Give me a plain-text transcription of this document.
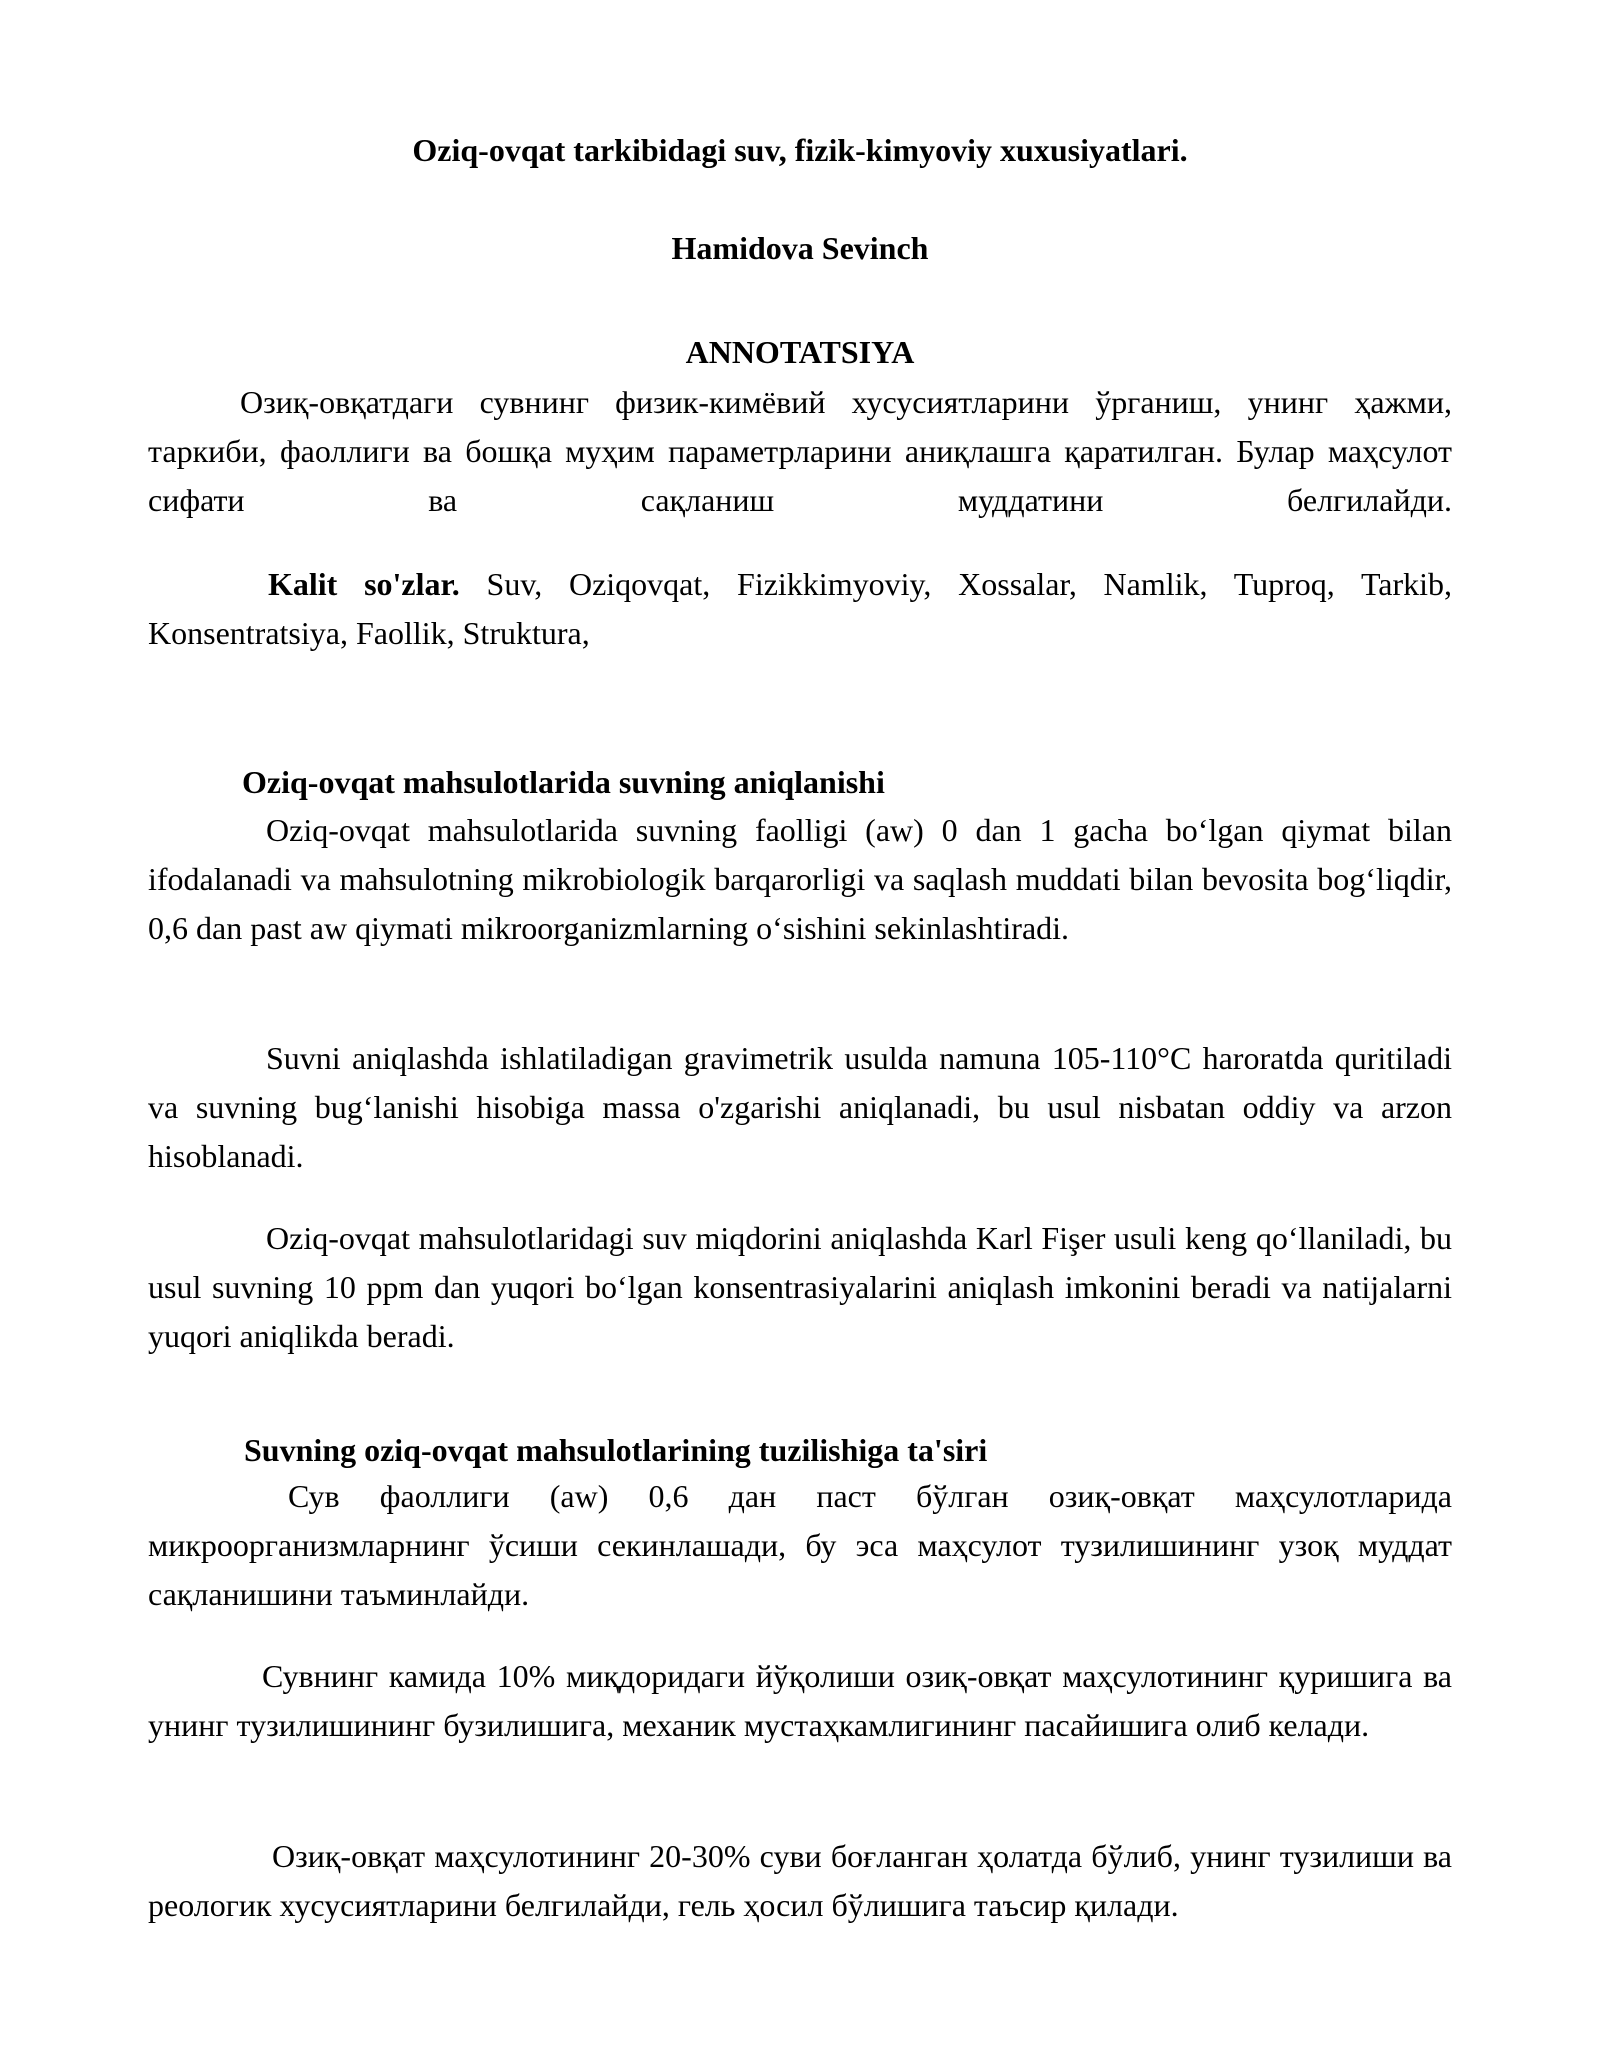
Oziq-ovqat tarkibidagi suv, fizik-kimyoviy xuxusiyatlari.
Hamidova Sevinch
ANNOTATSIYA
Озиқ-овқатдаги сувнинг физик-кимёвий хусусиятларини ўрганиш, унинг ҳажми, таркиби, фаоллиги ва бошқа муҳим параметрларини аниқлашга қаратилган. Булар маҳсулот сифати ва сақланиш муддатини белгилайди.
Kalit so'zlar. Suv, Oziqovqat, Fizikkimyoviy, Xossalar, Namlik, Tuproq, Tarkib, Konsentratsiya, Faollik, Struktura,
Oziq-ovqat mahsulotlarida suvning aniqlanishi
Oziq-ovqat mahsulotlarida suvning faolligi (aw) 0 dan 1 gacha bo‘lgan qiymat bilan ifodalanadi va mahsulotning mikrobiologik barqarorligi va saqlash muddati bilan bevosita bog‘liqdir, 0,6 dan past aw qiymati mikroorganizmlarning o‘sishini sekinlashtiradi.
Suvni aniqlashda ishlatiladigan gravimetrik usulda namuna 105-110°C haroratda quritiladi va suvning bug‘lanishi hisobiga massa o'zgarishi aniqlanadi, bu usul nisbatan oddiy va arzon hisoblanadi.
Oziq-ovqat mahsulotlaridagi suv miqdorini aniqlashda Karl Fişer usuli keng qo‘llaniladi, bu usul suvning 10 ppm dan yuqori bo‘lgan konsentrasiyalarini aniqlash imkonini beradi va natijalarni yuqori aniqlikda beradi.
Suvning oziq-ovqat mahsulotlarining tuzilishiga ta'siri
Сув фаоллиги (aw) 0,6 дан паст бўлган озиқ-овқат маҳсулотларида микроорганизмларнинг ўсиши секинлашади, бу эса маҳсулот тузилишининг узоқ муддат сақланишини таъминлайди.
Сувнинг камида 10% миқдоридаги йўқолиши озиқ-овқат маҳсулотининг қуришига ва унинг тузилишининг бузилишига, механик мустаҳкамлигининг пасайишига олиб келади.
Озиқ-овқат маҳсулотининг 20-30% суви боғланган ҳолатда бўлиб, унинг тузилиши ва реологик хусусиятларини белгилайди, гель ҳосил бўлишига таъсир қилади.
